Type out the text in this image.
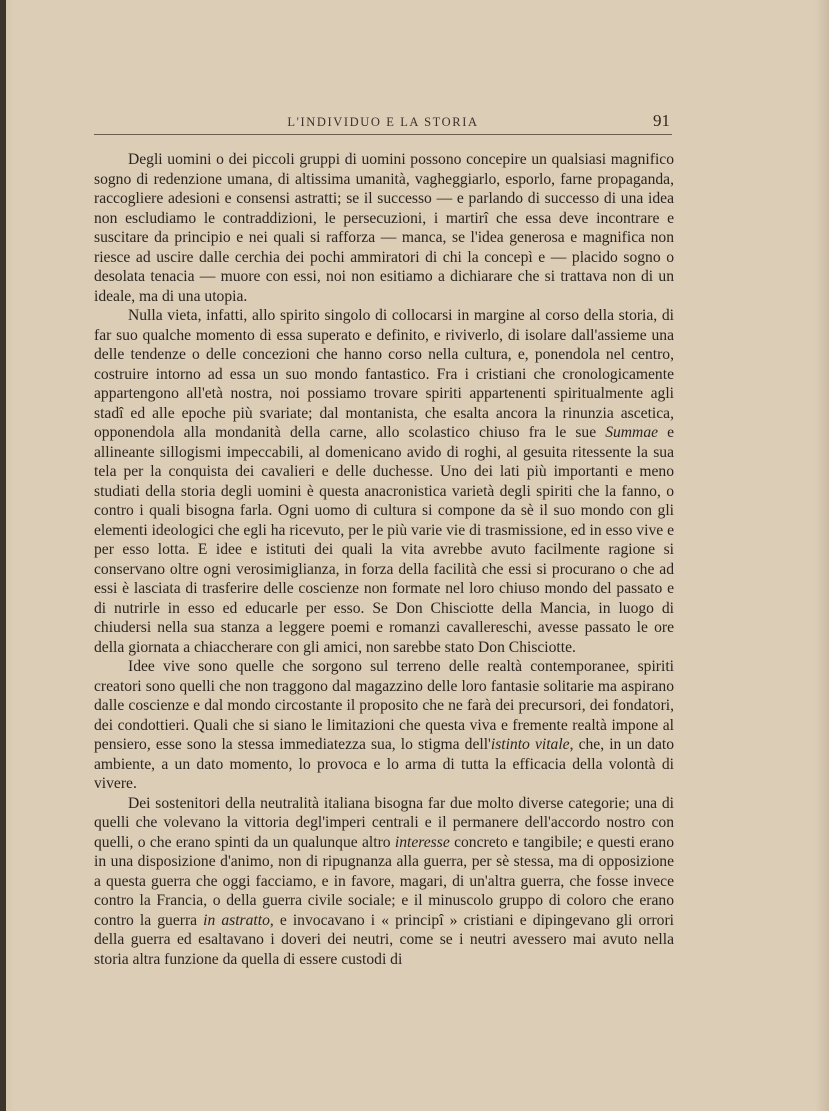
L'INDIVIDUO E LA STORIA	91

Degli uomini o dei piccoli gruppi di uomini possono concepire un qualsiasi magnifico sogno di redenzione umana, di altissima umanità, vagheggiarlo, esporlo, farne propaganda, raccogliere adesioni e consensi astratti; se il successo — e parlando di successo di una idea non escludiamo le contraddizioni, le persecuzioni, i martirî che essa deve incontrare e suscitare da principio e nei quali si rafforza — manca, se l'idea generosa e magnifica non riesce ad uscire dalle cerchia dei pochi ammiratori di chi la concepì e — placido sogno o desolata tenacia — muore con essi, noi non esitiamo a dichiarare che si trattava non di un ideale, ma di una utopia.

Nulla vieta, infatti, allo spirito singolo di collocarsi in margine al corso della storia, di far suo qualche momento di essa superato e definito, e riviverlo, di isolare dall'assieme una delle tendenze o delle concezioni che hanno corso nella cultura, e, ponendola nel centro, costruire intorno ad essa un suo mondo fantastico. Fra i cristiani che cronologicamente appartengono all'età nostra, noi possiamo trovare spiriti appartenenti spiritualmente agli stadî ed alle epoche più svariate; dal montanista, che esalta ancora la rinunzia ascetica, opponendola alla mondanità della carne, allo scolastico chiuso fra le sue Summae e allineante sillogismi impeccabili, al domenicano avido di roghi, al gesuita ritessente la sua tela per la conquista dei cavalieri e delle duchesse. Uno dei lati più importanti e meno studiati della storia degli uomini è questa anacronistica varietà degli spiriti che la fanno, o contro i quali bisogna farla. Ogni uomo di cultura si compone da sè il suo mondo con gli elementi ideologici che egli ha ricevuto, per le più varie vie di trasmissione, ed in esso vive e per esso lotta. E idee e istituti dei quali la vita avrebbe avuto facilmente ragione si conservano oltre ogni verosimiglianza, in forza della facilità che essi si procurano o che ad essi è lasciata di trasferire delle coscienze non formate nel loro chiuso mondo del passato e di nutrirle in esso ed educarle per esso. Se Don Chisciotte della Mancia, in luogo di chiudersi nella sua stanza a leggere poemi e romanzi cavallereschi, avesse passato le ore della giornata a chiaccherare con gli amici, non sarebbe stato Don Chisciotte.

Idee vive sono quelle che sorgono sul terreno delle realtà contemporanee, spiriti creatori sono quelli che non traggono dal magazzino delle loro fantasie solitarie ma aspirano dalle coscienze e dal mondo circostante il proposito che ne farà dei precursori, dei fondatori, dei condottieri. Quali che si siano le limitazioni che questa viva e fremente realtà impone al pensiero, esse sono la stessa immediatezza sua, lo stigma dell'istinto vitale, che, in un dato ambiente, a un dato momento, lo provoca e lo arma di tutta la efficacia della volontà di vivere.

Dei sostenitori della neutralità italiana bisogna far due molto diverse categorie; una di quelli che volevano la vittoria degl'imperi centrali e il permanere dell'accordo nostro con quelli, o che erano spinti da un qualunque altro interesse concreto e tangibile; e questi erano in una disposizione d'animo, non di ripugnanza alla guerra, per sè stessa, ma di opposizione a questa guerra che oggi facciamo, e in favore, magari, di un'altra guerra, che fosse invece contro la Francia, o della guerra civile sociale; e il minuscolo gruppo di coloro che erano contro la guerra in astratto, e invocavano i « principî » cristiani e dipingevano gli orrori della guerra ed esaltavano i doveri dei neutri, come se i neutri avessero mai avuto nella storia altra funzione da quella di essere custodi di
